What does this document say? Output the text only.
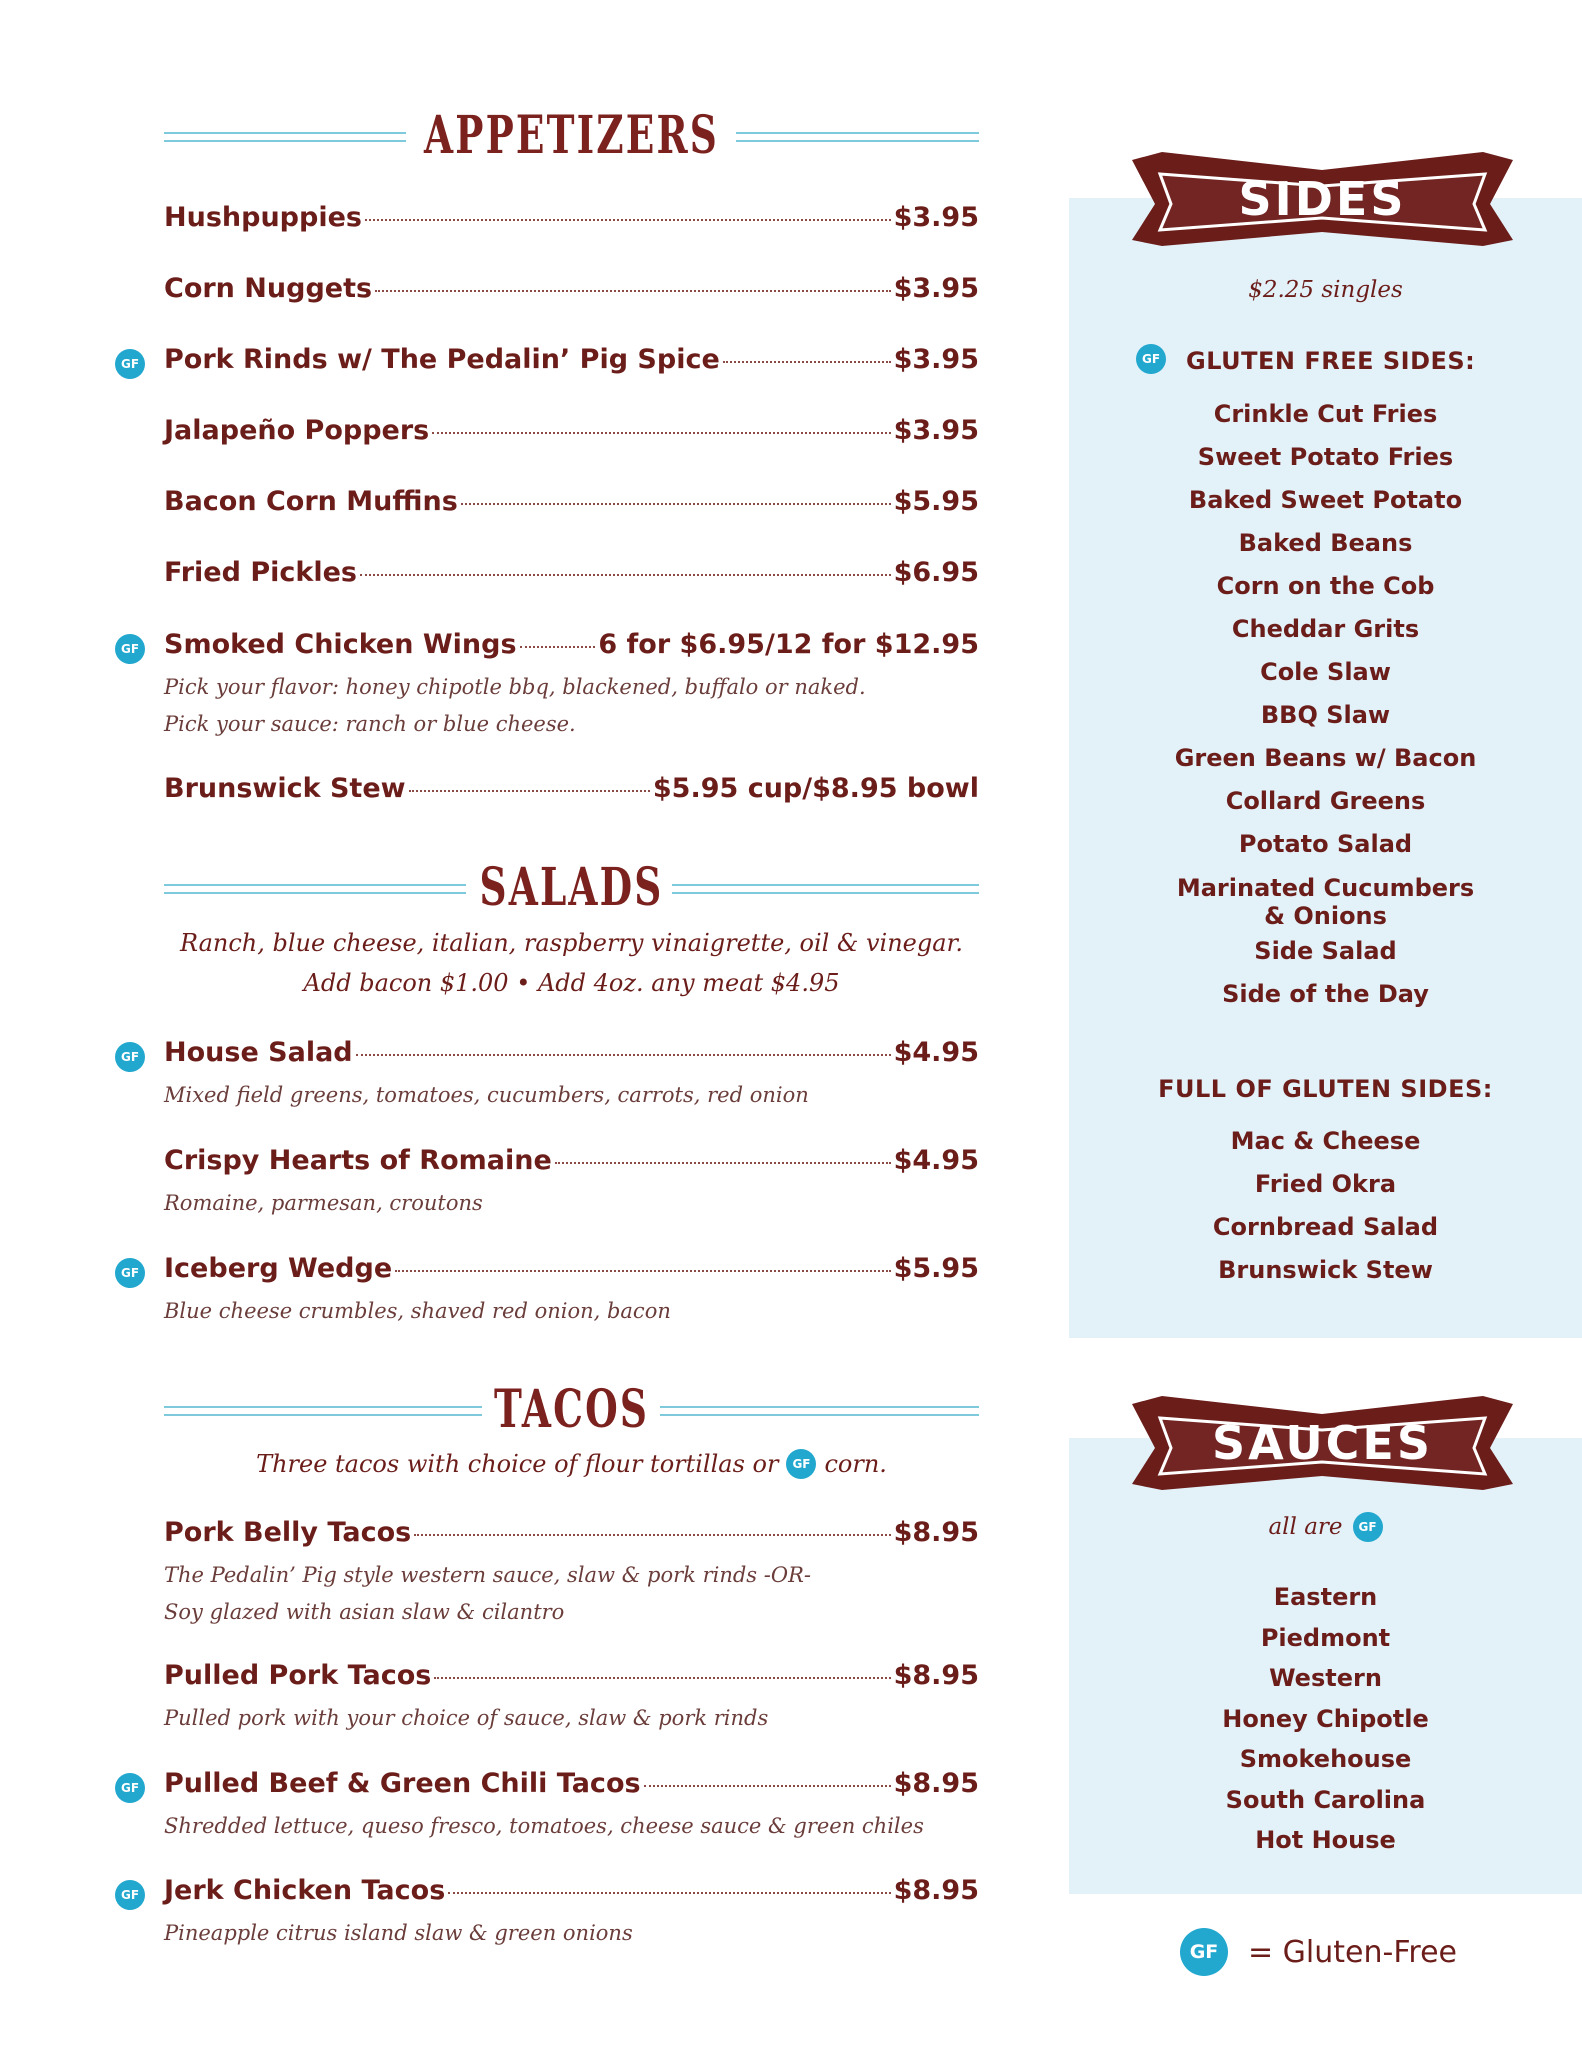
APPETIZERS
Hushpuppies	$3.95
Corn Nuggets	$3.95
GF Pork Rinds w/ The Pedalin’ Pig Spice	$3.95
Jalapeño Poppers	$3.95
Bacon Corn Muffins	$5.95
Fried Pickles	$6.95
GF Smoked Chicken Wings	6 for $6.95/12 for $12.95
Pick your flavor: honey chipotle bbq, blackened, buffalo or naked.
Pick your sauce: ranch or blue cheese.
Brunswick Stew	$5.95 cup/$8.95 bowl
SALADS
Ranch, blue cheese, italian, raspberry vinaigrette, oil & vinegar.
Add bacon $1.00 • Add 4oz. any meat $4.95
GF House Salad	$4.95
Mixed field greens, tomatoes, cucumbers, carrots, red onion
Crispy Hearts of Romaine	$4.95
Romaine, parmesan, croutons
GF Iceberg Wedge	$5.95
Blue cheese crumbles, shaved red onion, bacon
TACOS
Three tacos with choice of flour tortillas or	GF corn.
Pork Belly Tacos	$8.95
The Pedalin’ Pig style western sauce, slaw & pork rinds -OR-
Soy glazed with asian slaw & cilantro
Pulled Pork Tacos	$8.95
Pulled pork with your choice of sauce, slaw & pork rinds
GF Pulled Beef & Green Chili Tacos	$8.95
Shredded lettuce, queso fresco, tomatoes, cheese sauce & green chiles
GF Jerk Chicken Tacos	$8.95
Pineapple citrus island slaw & green onions
SIDES
$2.25 singles
GF GLUTEN FREE SIDES:
Crinkle Cut Fries
Sweet Potato Fries
Baked Sweet Potato
Baked Beans
Corn on the Cob
Cheddar Grits
Cole Slaw
BBQ Slaw
Green Beans w/ Bacon
Collard Greens
Potato Salad
Marinated Cucumbers
& Onions
Side Salad
Side of the Day
FULL OF GLUTEN SIDES:
Mac & Cheese
Fried Okra
Cornbread Salad
Brunswick Stew
SAUCES
all are	GF
Eastern
Piedmont
Western
Honey Chipotle
Smokehouse
South Carolina
Hot House
GF = Gluten-Free
